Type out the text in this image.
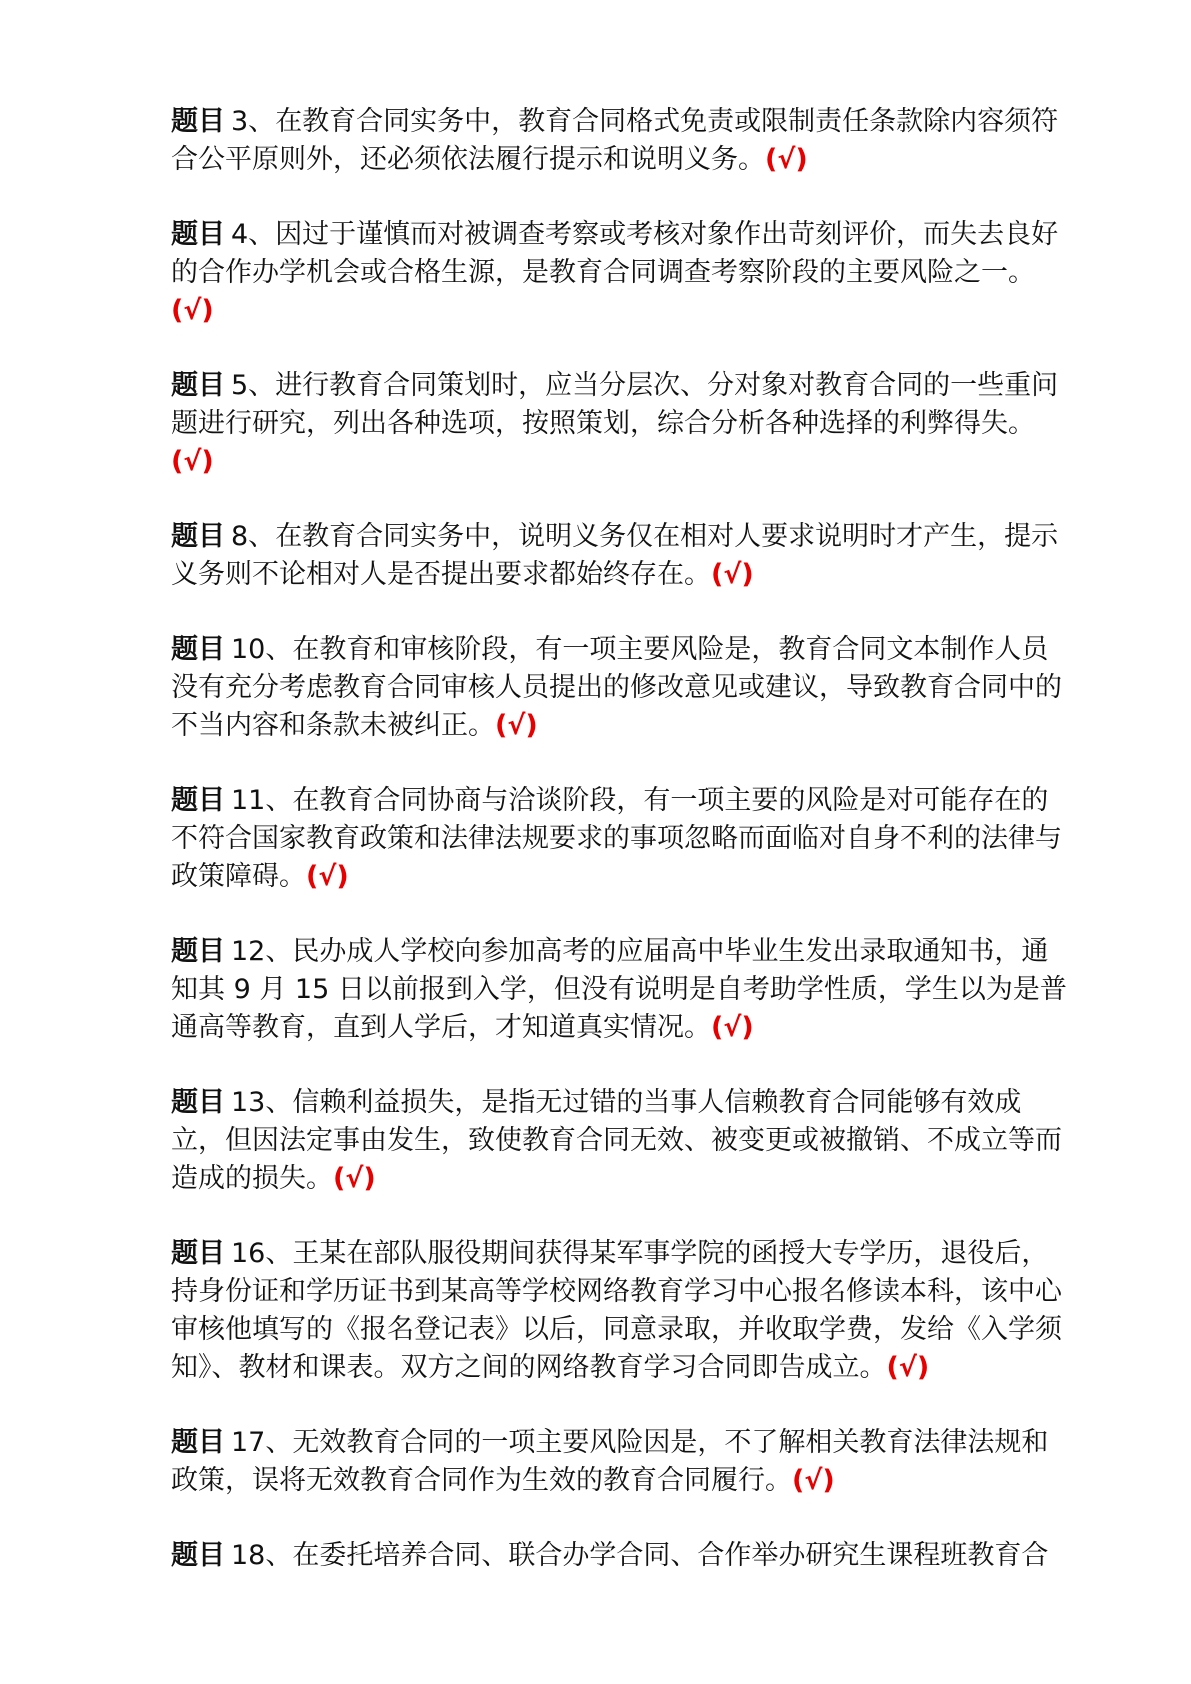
题目 3、在教育合同实务中，教育合同格式免责或限制责任条款除内容须符合公平原则外，还必须依法履行提示和说明义务。(√)

题目 4、因过于谨慎而对被调查考察或考核对象作出苛刻评价，而失去良好的合作办学机会或合格生源，是教育合同调查考察阶段的主要风险之一。(√)

题目 5、进行教育合同策划时，应当分层次、分对象对教育合同的一些重问题进行研究，列出各种选项，按照策划，综合分析各种选择的利弊得失。(√)

题目 8、在教育合同实务中，说明义务仅在相对人要求说明时才产生，提示义务则不论相对人是否提出要求都始终存在。(√)

题目 10、在教育和审核阶段，有一项主要风险是，教育合同文本制作人员没有充分考虑教育合同审核人员提出的修改意见或建议，导致教育合同中的不当内容和条款未被纠正。(√)

题目 11、在教育合同协商与洽谈阶段，有一项主要的风险是对可能存在的不符合国家教育政策和法律法规要求的事项忽略而面临对自身不利的法律与政策障碍。(√)

题目 12、民办成人学校向参加高考的应届高中毕业生发出录取通知书，通知其 9 月 15 日以前报到入学，但没有说明是自考助学性质，学生以为是普通高等教育，直到人学后，才知道真实情况。(√)

题目 13、信赖利益损失，是指无过错的当事人信赖教育合同能够有效成立，但因法定事由发生，致使教育合同无效、被变更或被撤销、不成立等而造成的损失。(√)

题目 16、王某在部队服役期间获得某军事学院的函授大专学历，退役后，持身份证和学历证书到某高等学校网络教育学习中心报名修读本科，该中心审核他填写的《报名登记表》以后，同意录取，并收取学费，发给《入学须知》、教材和课表。双方之间的网络教育学习合同即告成立。(√)

题目 17、无效教育合同的一项主要风险因是，不了解相关教育法律法规和政策，误将无效教育合同作为生效的教育合同履行。(√)

题目 18、在委托培养合同、联合办学合同、合作举办研究生课程班教育合
